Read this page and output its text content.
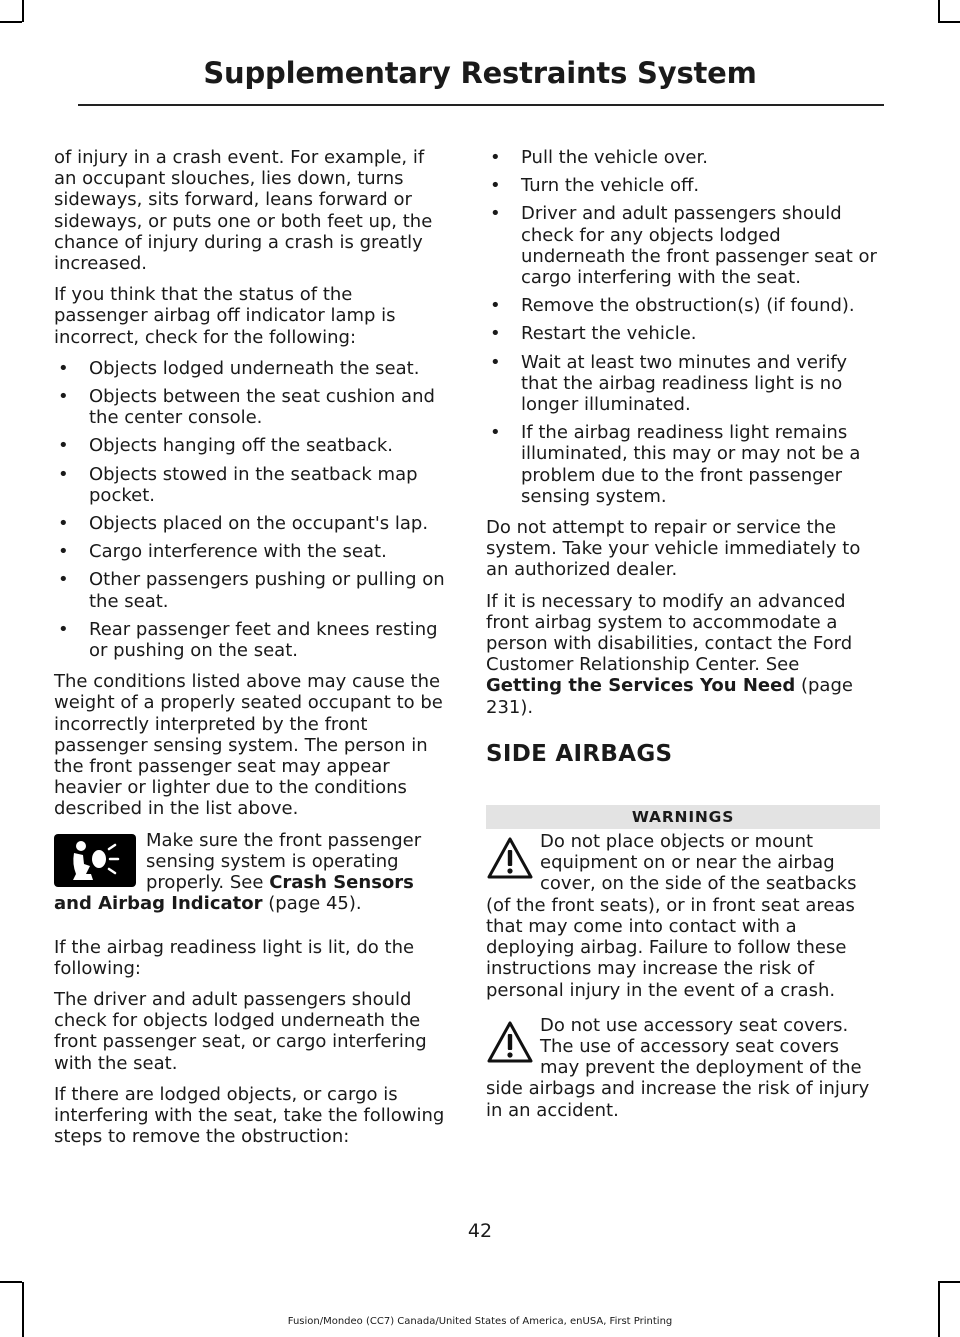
Supplementary Restraints System

of injury in a crash event. For example, if an occupant slouches, lies down, turns sideways, sits forward, leans forward or sideways, or puts one or both feet up, the chance of injury during a crash is greatly increased.

If you think that the status of the passenger airbag off indicator lamp is incorrect, check for the following:

• Objects lodged underneath the seat.
• Objects between the seat cushion and the center console.
• Objects hanging off the seatback.
• Objects stowed in the seatback map pocket.
• Objects placed on the occupant's lap.
• Cargo interference with the seat.
• Other passengers pushing or pulling on the seat.
• Rear passenger feet and knees resting or pushing on the seat.

The conditions listed above may cause the weight of a properly seated occupant to be incorrectly interpreted by the front passenger sensing system. The person in the front passenger seat may appear heavier or lighter due to the conditions described in the list above.

Make sure the front passenger sensing system is operating properly. See Crash Sensors and Airbag Indicator (page 45).

If the airbag readiness light is lit, do the following:

The driver and adult passengers should check for objects lodged underneath the front passenger seat, or cargo interfering with the seat.

If there are lodged objects, or cargo is interfering with the seat, take the following steps to remove the obstruction:

• Pull the vehicle over.
• Turn the vehicle off.
• Driver and adult passengers should check for any objects lodged underneath the front passenger seat or cargo interfering with the seat.
• Remove the obstruction(s) (if found).
• Restart the vehicle.
• Wait at least two minutes and verify that the airbag readiness light is no longer illuminated.
• If the airbag readiness light remains illuminated, this may or may not be a problem due to the front passenger sensing system.

Do not attempt to repair or service the system. Take your vehicle immediately to an authorized dealer.

If it is necessary to modify an advanced front airbag system to accommodate a person with disabilities, contact the Ford Customer Relationship Center. See Getting the Services You Need (page 231).

SIDE AIRBAGS
WARNINGS
Do not place objects or mount equipment on or near the airbag cover, on the side of the seatbacks (of the front seats), or in front seat areas that may come into contact with a deploying airbag. Failure to follow these instructions may increase the risk of personal injury in the event of a crash.
Do not use accessory seat covers. The use of accessory seat covers may prevent the deployment of the side airbags and increase the risk of injury in an accident.
42
Fusion/Mondeo (CC7) Canada/United States of America, enUSA, First Printing
